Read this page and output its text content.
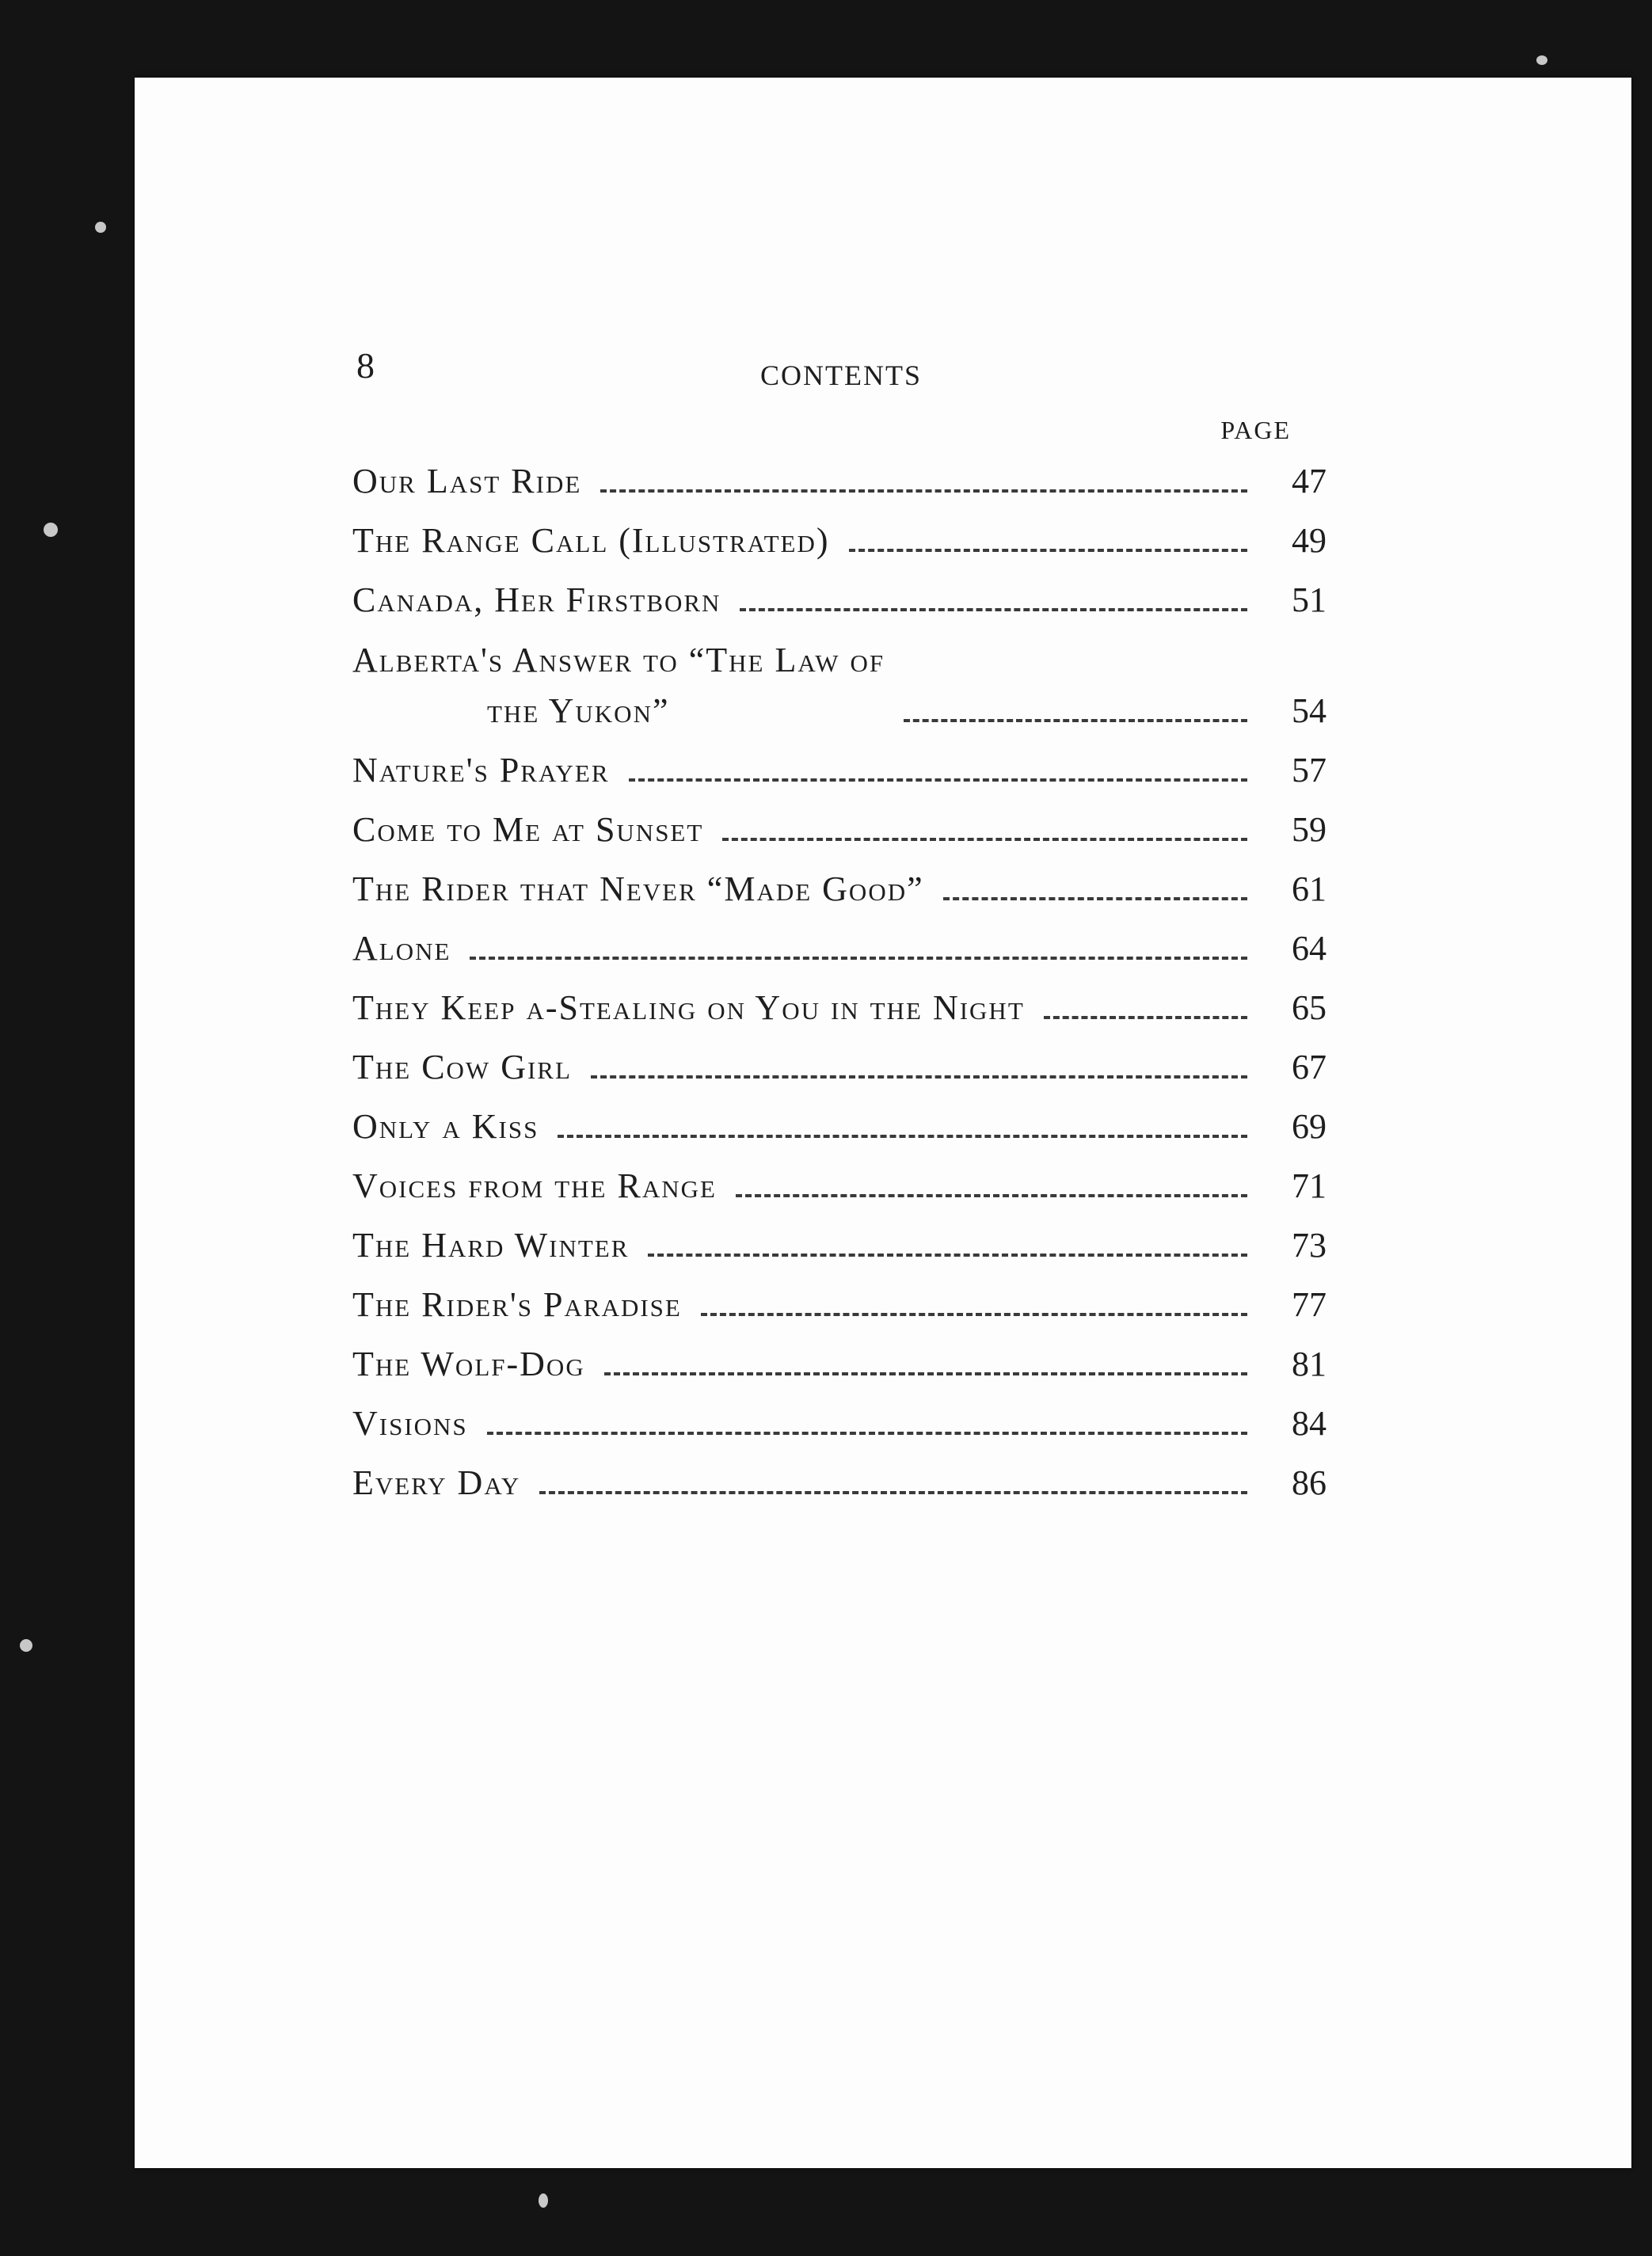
8	CONTENTS
PAGE
Our Last Ride	47
The Range Call (Illustrated)	49
Canada, Her Firstborn	51
Alberta's Answer to “The Law of
the Yukon”	54
Nature's Prayer	57
Come to Me at Sunset	59
The Rider that Never “Made Good”	61
Alone	64
They Keep a-Stealing on You in the Night	65
The Cow Girl	67
Only a Kiss	69
Voices from the Range	71
The Hard Winter	73
The Rider's Paradise	77
The Wolf-Dog	81
Visions	84
Every Day	86
